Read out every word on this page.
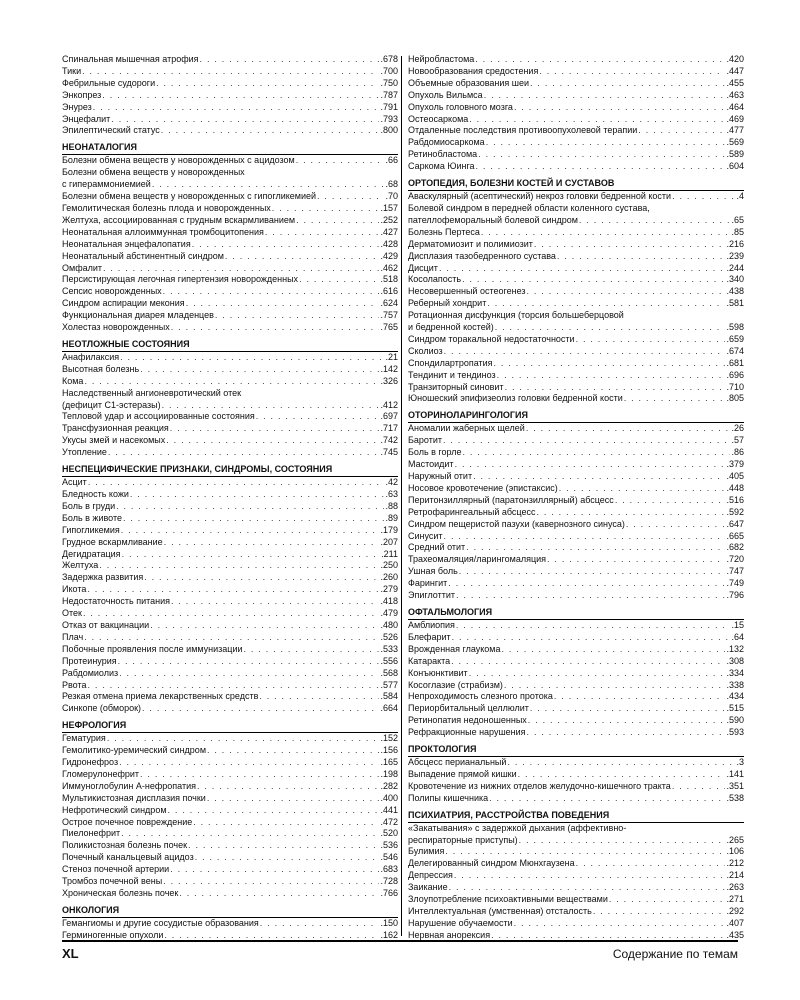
Спинальная мышечная атрофия . . .	.678
Тики . . .	.700
Фебрильные судороги . . .	.750
Энкопрез . . .	.787
Энурез . . .	.791
Энцефалит . . .	.793
Эпилептический статус . . .	.800
НЕОНАТАЛОГИЯ
Болезни обмена веществ у новорожденных с ацидозом . . .	.66
Болезни обмена веществ у новорожденных
с гипераммониемией . . .	.68
Болезни обмена веществ у новорожденных с гипогликемией . . .	.70
Гемолитическая болезнь плода и новорожденных . . .	.157
Желтуха, ассоциированная с грудным вскармливанием . . .	.252
Неонатальная аллоиммунная тромбоцитопения . . .	.427
Неонатальная энцефалопатия . . .	.428
Неонатальный абстинентный синдром . . .	.429
Омфалит . . .	.462
Персистирующая легочная гипертензия новорожденных . . .	.518
Сепсис новорожденных . . .	.616
Синдром аспирации мекония . . .	.624
Функциональная диарея младенцев . . .	.757
Холестаз новорожденных . . .	.765
НЕОТЛОЖНЫЕ СОСТОЯНИЯ
Анафилаксия . . .	.21
Высотная болезнь . . .	.142
Кома . . .	.326
Наследственный ангионевротический отек
(дефицит С1-эстеразы) . . .	.412
Тепловой удар и ассоциированные состояния . . .	.697
Трансфузионная реакция . . .	.717
Укусы змей и насекомых . . .	.742
Утопление . . .	.745
НЕСПЕЦИФИЧЕСКИЕ ПРИЗНАКИ, СИНДРОМЫ, СОСТОЯНИЯ
Асцит . . .	.42
Бледность кожи . . .	.63
Боль в груди . . .	.88
Боль в животе . . .	.89
Гипогликемия . . .	.179
Грудное вскармливание . . .	.207
Дегидратация . . .	.211
Желтуха . . .	.250
Задержка развития . . .	.260
Икота . . .	.279
Недостаточность питания . . .	.418
Отек . . .	.479
Отказ от вакцинации . . .	.480
Плач . . .	.526
Побочные проявления после иммунизации . . .	.533
Протеинурия . . .	.556
Рабдомиолиз . . .	.568
Рвота . . .	.577
Резкая отмена приема лекарственных средств . . .	.584
Синкопе (обморок) . . .	.664
НЕФРОЛОГИЯ
Гематурия . . .	.152
Гемолитико-уремический синдром . . .	.156
Гидронефроз . . .	.165
Гломерулонефрит . . .	.198
Иммуноглобулин А-нефропатия . . .	.282
Мультикистозная дисплазия почки . . .	.400
Нефротический синдром . . .	.441
Острое почечное повреждение . . .	.472
Пиелонефрит . . .	.520
Поликистозная болезнь почек . . .	.536
Почечный канальцевый ацидоз . . .	.546
Стеноз почечной артерии . . .	.683
Тромбоз почечной вены . . .	.728
Хроническая болезнь почек . . .	.766
ОНКОЛОГИЯ
Гемангиомы и другие сосудистые образования . . .	.150
Герминогенные опухоли . . .	.162
Нейробластома . . .	.420
Новообразования средостения . . .	.447
Объемные образования шеи . . .	.455
Опухоль Вильмса . . .	.463
Опухоль головного мозга . . .	.464
Остеосаркома . . .	.469
Отдаленные последствия противоопухолевой терапии . . .	.477
Рабдомиосаркома . . .	.569
Ретинобластома . . .	.589
Саркома Юинга . . .	.604
ОРТОПЕДИЯ, БОЛЕЗНИ КОСТЕЙ И СУСТАВОВ
Аваскулярный (асептический) некроз головки бедренной кости . . .	.4
Болевой синдром в передней области коленного сустава,
пателлофеморальный болевой синдром . . .	.65
Болезнь Пертеса . . .	.85
Дерматомиозит и полимиозит . . .	.216
Дисплазия тазобедренного сустава . . .	.239
Дисцит . . .	.244
Косолапость . . .	.340
Несовершенный остеогенез . . .	.438
Реберный хондрит . . .	.581
Ротационная дисфункция (торсия большеберцовой
и бедренной костей) . . .	.598
Синдром торакальной недостаточности . . .	.659
Сколиоз . . .	.674
Спондилартропатия . . .	.681
Тендинит и тендиноз . . .	.696
Транзиторный синовит . . .	.710
Юношеский эпифизеолиз головки бедренной кости . . .	.805
ОТОРИНОЛАРИНГОЛОГИЯ
Аномалии жаберных щелей . . .	.26
Баротит . . .	.57
Боль в горле . . .	.86
Мастоидит . . .	.379
Наружный отит . . .	.405
Носовое кровотечение (эпистаксис) . . .	.448
Перитонзиллярный (паратонзиллярный) абсцесс . . .	.516
Ретрофарингеальный абсцесс . . .	.592
Синдром пещеристой пазухи (кавернозного синуса) . . .	.647
Синусит . . .	.665
Средний отит . . .	.682
Трахеомаляция/ларингомаляция . . .	.720
Ушная боль . . .	.747
Фарингит . . .	.749
Эпиглоттит . . .	.796
ОФТАЛЬМОЛОГИЯ
Амблиопия . . .	.15
Блефарит . . .	.64
Врожденная глаукома . . .	.132
Катаракта . . .	.308
Конъюнктивит . . .	.334
Косоглазие (страбизм) . . .	.338
Непроходимость слезного протока . . .	.434
Периорбитальный целлюлит . . .	.515
Ретинопатия недоношенных . . .	.590
Рефракционные нарушения . . .	.593
ПРОКТОЛОГИЯ
Абсцесс перианальный . . .	.3
Выпадение прямой кишки . . .	.141
Кровотечение из нижних отделов желудочно-кишечного тракта . . .	.351
Полипы кишечника . . .	.538
ПСИХИАТРИЯ, РАССТРОЙСТВА ПОВЕДЕНИЯ
«Закатывания» с задержкой дыхания (аффективно-
респираторные приступы) . . .	.265
Булимия . . .	.106
Делегированный синдром Мюнхгаузена . . .	.212
Депрессия . . .	.214
Заикание . . .	.263
Злоупотребление психоактивными веществами . . .	.271
Интеллектуальная (умственная) отсталость . . .	.292
Нарушение обучаемости . . .	.407
Нервная анорексия . . .	.435
XL	Содержание по темам
